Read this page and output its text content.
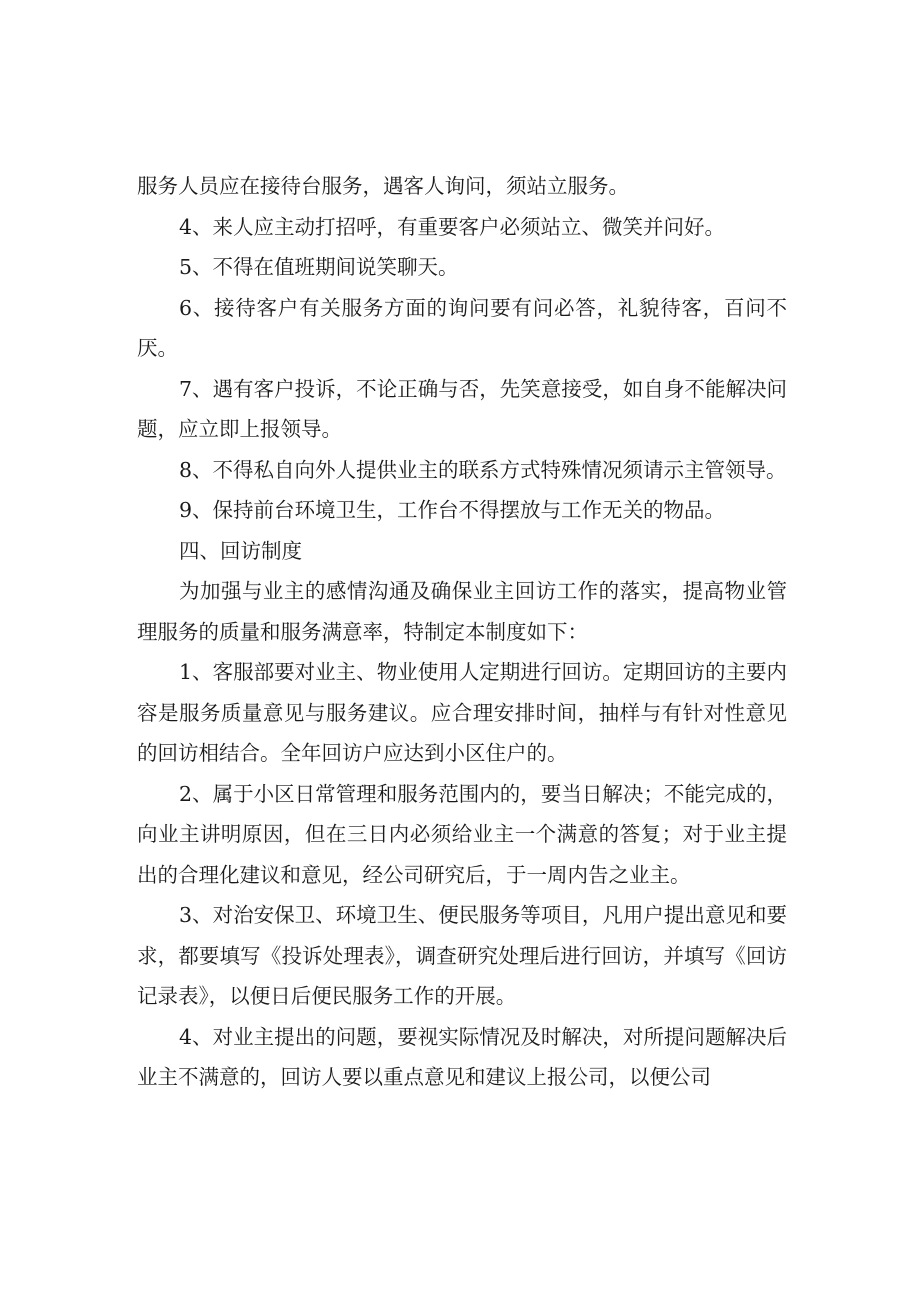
服务人员应在接待台服务，遇客人询问，须站立服务。

4、来人应主动打招呼，有重要客户必须站立、微笑并问好。

5、不得在值班期间说笑聊天。

6、接待客户有关服务方面的询问要有问必答，礼貌待客，百问不厌。

7、遇有客户投诉，不论正确与否，先笑意接受，如自身不能解决问题，应立即上报领导。

8、不得私自向外人提供业主的联系方式特殊情况须请示主管领导。

9、保持前台环境卫生，工作台不得摆放与工作无关的物品。

四、回访制度

为加强与业主的感情沟通及确保业主回访工作的落实，提高物业管理服务的质量和服务满意率，特制定本制度如下：

1、客服部要对业主、物业使用人定期进行回访。定期回访的主要内容是服务质量意见与服务建议。应合理安排时间，抽样与有针对性意见的回访相结合。全年回访户应达到小区住户的。

2、属于小区日常管理和服务范围内的，要当日解决；不能完成的，向业主讲明原因，但在三日内必须给业主一个满意的答复；对于业主提出的合理化建议和意见，经公司研究后，于一周内告之业主。

3、对治安保卫、环境卫生、便民服务等项目，凡用户提出意见和要求，都要填写《投诉处理表》，调查研究处理后进行回访，并填写《回访记录表》，以便日后便民服务工作的开展。

4、对业主提出的问题，要视实际情况及时解决，对所提问题解决后业主不满意的，回访人要以重点意见和建议上报公司，以便公司
